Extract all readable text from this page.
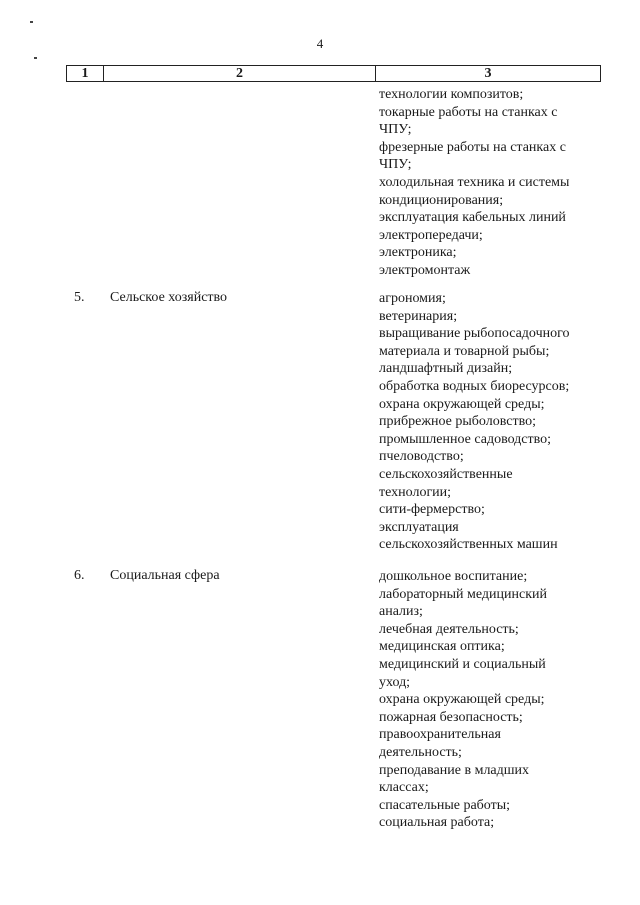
4
1	2	3
технологии композитов;
токарные работы на станках с
ЧПУ;
фрезерные работы на станках с
ЧПУ;
холодильная техника и системы
кондиционирования;
эксплуатация кабельных линий
электропередачи;
электроника;
электромонтаж
5. Сельское хозяйство	агрономия;
ветеринария;
выращивание рыбопосадочного
материала и товарной рыбы;
ландшафтный дизайн;
обработка водных биоресурсов;
охрана окружающей среды;
прибрежное рыболовство;
промышленное садоводство;
пчеловодство;
сельскохозяйственные
технологии;
сити-фермерство;
эксплуатация
сельскохозяйственных машин
6. Социальная сфера	дошкольное воспитание;
лабораторный медицинский
анализ;
лечебная деятельность;
медицинская оптика;
медицинский и социальный
уход;
охрана окружающей среды;
пожарная безопасность;
правоохранительная
деятельность;
преподавание в младших
классах;
спасательные работы;
социальная работа;
